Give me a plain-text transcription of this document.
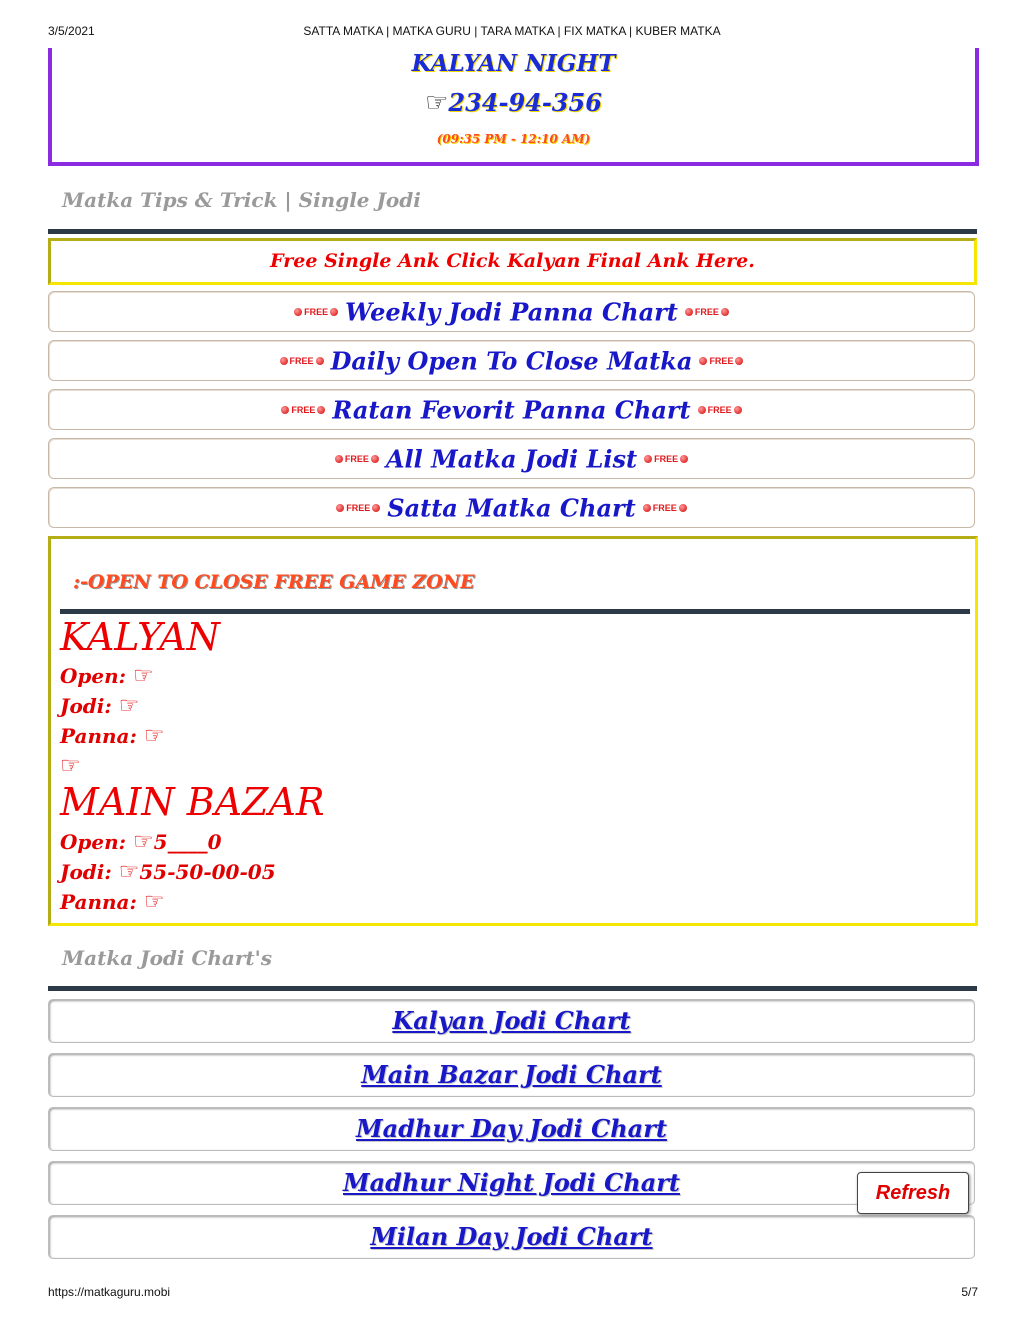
3/5/2021	SATTA MATKA | MATKA GURU | TARA MATKA | FIX MATKA | KUBER MATKA
KALYAN NIGHT
☞234-94-356
(09:35 PM - 12:10 AM)
Matka Tips & Trick | Single Jodi
Free Single Ank Click Kalyan Final Ank Here.
FREE Weekly Jodi Panna Chart FREE
FREE Daily Open To Close Matka FREE
FREE Ratan Fevorit Panna Chart FREE
FREE All Matka Jodi List FREE
FREE Satta Matka Chart FREE
:-OPEN TO CLOSE FREE GAME ZONE
KALYAN
Open: ☞
Jodi: ☞
Panna: ☞
☞
MAIN BAZAR
Open: ☞5____0
Jodi: ☞55-50-00-05
Panna: ☞
Matka Jodi Chart's
Kalyan Jodi Chart
Main Bazar Jodi Chart
Madhur Day Jodi Chart
Madhur Night Jodi Chart
Milan Day Jodi Chart
Refresh
https://matkaguru.mobi	5/7
